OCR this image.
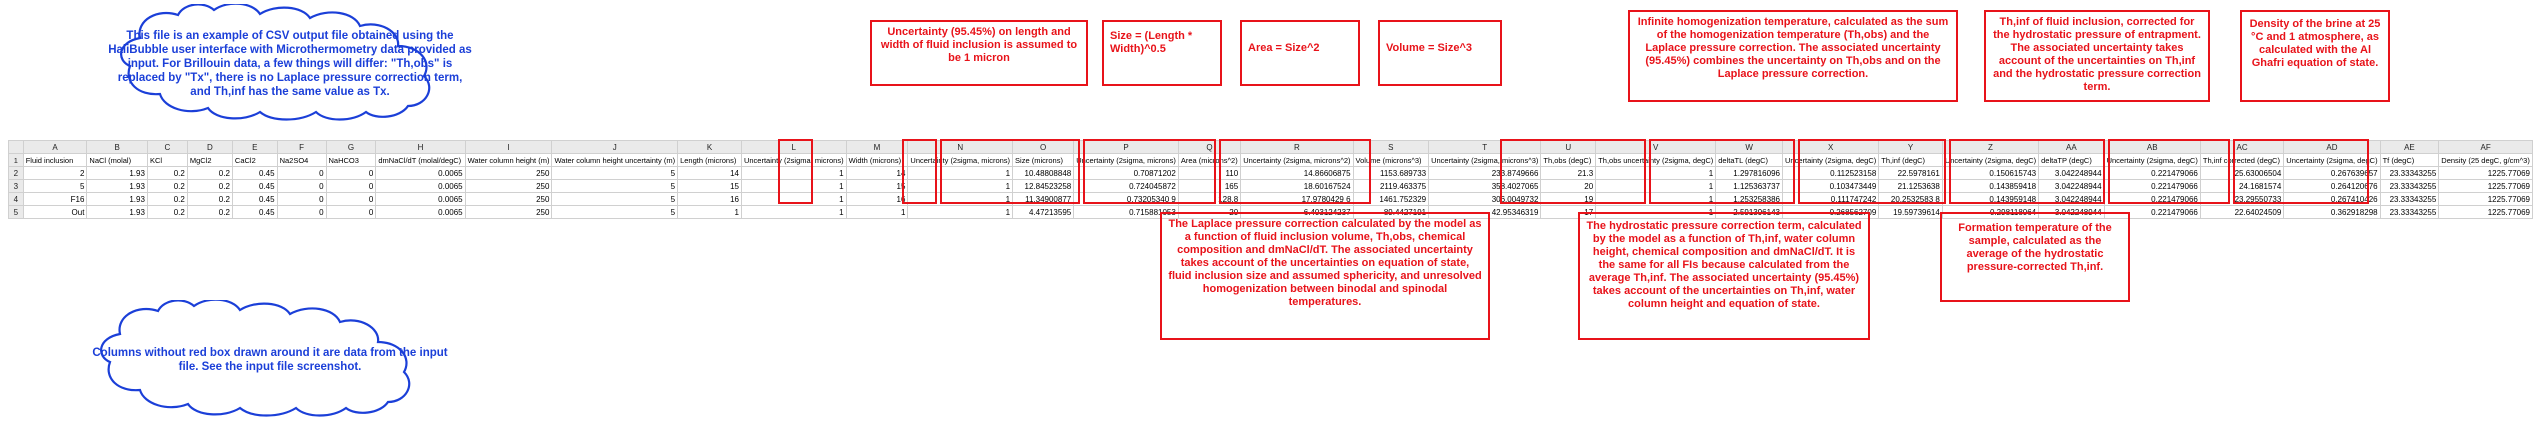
	A	B	C	D	E	F	G	H	I	J	K	L	M	N	O	P	Q	R	S	T	U	V	W	X	Y	Z	AA	AB	AC	AD	AE	AF
1	Fluid inclusion	NaCl (molal)	KCl	MgCl2	CaCl2	Na2SO4	NaHCO3	dmNaCl/dT (molal/degC)	Water column height (m)	Water column height uncertainty (m)	Length (microns)	Uncertainty (2sigma, microns)	Width (microns)	Uncertainty (2sigma, microns)	Size (microns)	Uncertainty (2sigma, microns)	Area (microns^2)	Uncertainty (2sigma, microns^2)	Volume (microns^3)	Uncertainty (2sigma, microns^3)	Th,obs (degC)	Th,obs uncertainty (2sigma, degC)	deltaTL (degC)	Uncertainty (2sigma, degC)	Th,inf (degC)	Uncertainty (2sigma, degC)	deltaTP (degC)	Uncertainty (2sigma, degC)	Th,inf corrected (degC)	Uncertainty (2sigma, degC)	Tf (degC)	Density (25 degC, g/cm^3)
2	2	1.93	0.2	0.2	0.45	0	0	0.0065	250	5	14	1	14	1	10.48808848	0.70871202	110	14.86606875	1153.689733	233.8749666	21.3	1	1.297816096	0.112523158	22.5978161	0.150615743	3.042248944	0.221479066	25.63006504	0.267639657	23.33343255	1225.77069
3	5	1.93	0.2	0.2	0.45	0	0	0.0065	250	5	15	1	15	1	12.84523258	0.724045872	165	18.60167524	2119.463375	358.4027065	20	1	1.125363737	0.103473449	21.1253638	0.143859418	3.042248944	0.221479066	24.1681574	0.264120676	23.33343255	1225.77069
4	F16	1.93	0.2	0.2	0.45	0	0	0.0065	250	5	16	1	16	1	11.34900877	0.73205340 9	128.8	17.9780429 6	1461.752329	306.0049732	19	1	1.253258386	0.111747242	20.2532583 8	0.143959148	3.042248944	0.221479066	23.29550733	0.267410426	23.33343255	1225.77069
5	Out	1.93	0.2	0.2	0.45	0	0	0.0065	250	5	1	1	1	1	4.47213595	0.715881053	20	6.403124237	89.4427191	42.95346319	17	1	2.591396143	0.268562709	19.59739614	0.298118064	3.042248944	0.221479066	22.64024509	0.362918298	23.33343255	1225.77069
This file is an example of CSV output file obtained using the HaliBubble user interface with Microthermometry data provided as input. For Brillouin data, a few things will differ: "Th,obs" is replaced by "Tx", there is no Laplace pressure correction term, and Th,inf has the same value as Tx.
Columns without red box drawn around it are data from the input file. See the input file screenshot.
Uncertainty (95.45%) on length and width of fluid inclusion is assumed to be 1 micron
Size = (Length * Width)^0.5	Area = Size^2	Volume = Size^3
Infinite homogenization temperature, calculated as the sum of the homogenization temperature (Th,obs) and the Laplace pressure correction. The associated uncertainty (95.45%) combines the uncertainty on Th,obs and on the Laplace pressure correction.
Th,inf of fluid inclusion, corrected for the hydrostatic pressure of entrapment. The associated uncertainty takes account of the uncertainties on Th,inf and the hydrostatic pressure correction term.
Density of the brine at 25 °C and 1 atmosphere, as calculated with the Al Ghafri equation of state.
The Laplace pressure correction calculated by the model as a function of fluid inclusion volume, Th,obs, chemical composition and dmNaCl/dT. The associated uncertainty takes account of the uncertainties on equation of state, fluid inclusion size and assumed sphericity, and unresolved homogenization between binodal and spinodal temperatures.
The hydrostatic pressure correction term, calculated by the model as a function of Th,inf, water column height, chemical composition and dmNaCl/dT. It is the same for all FIs because calculated from the average Th,inf. The associated uncertainty (95.45%) takes account of the uncertainties on Th,inf, water column height and equation of state.
Formation temperature of the sample, calculated as the average of the hydrostatic pressure-corrected Th,inf.
